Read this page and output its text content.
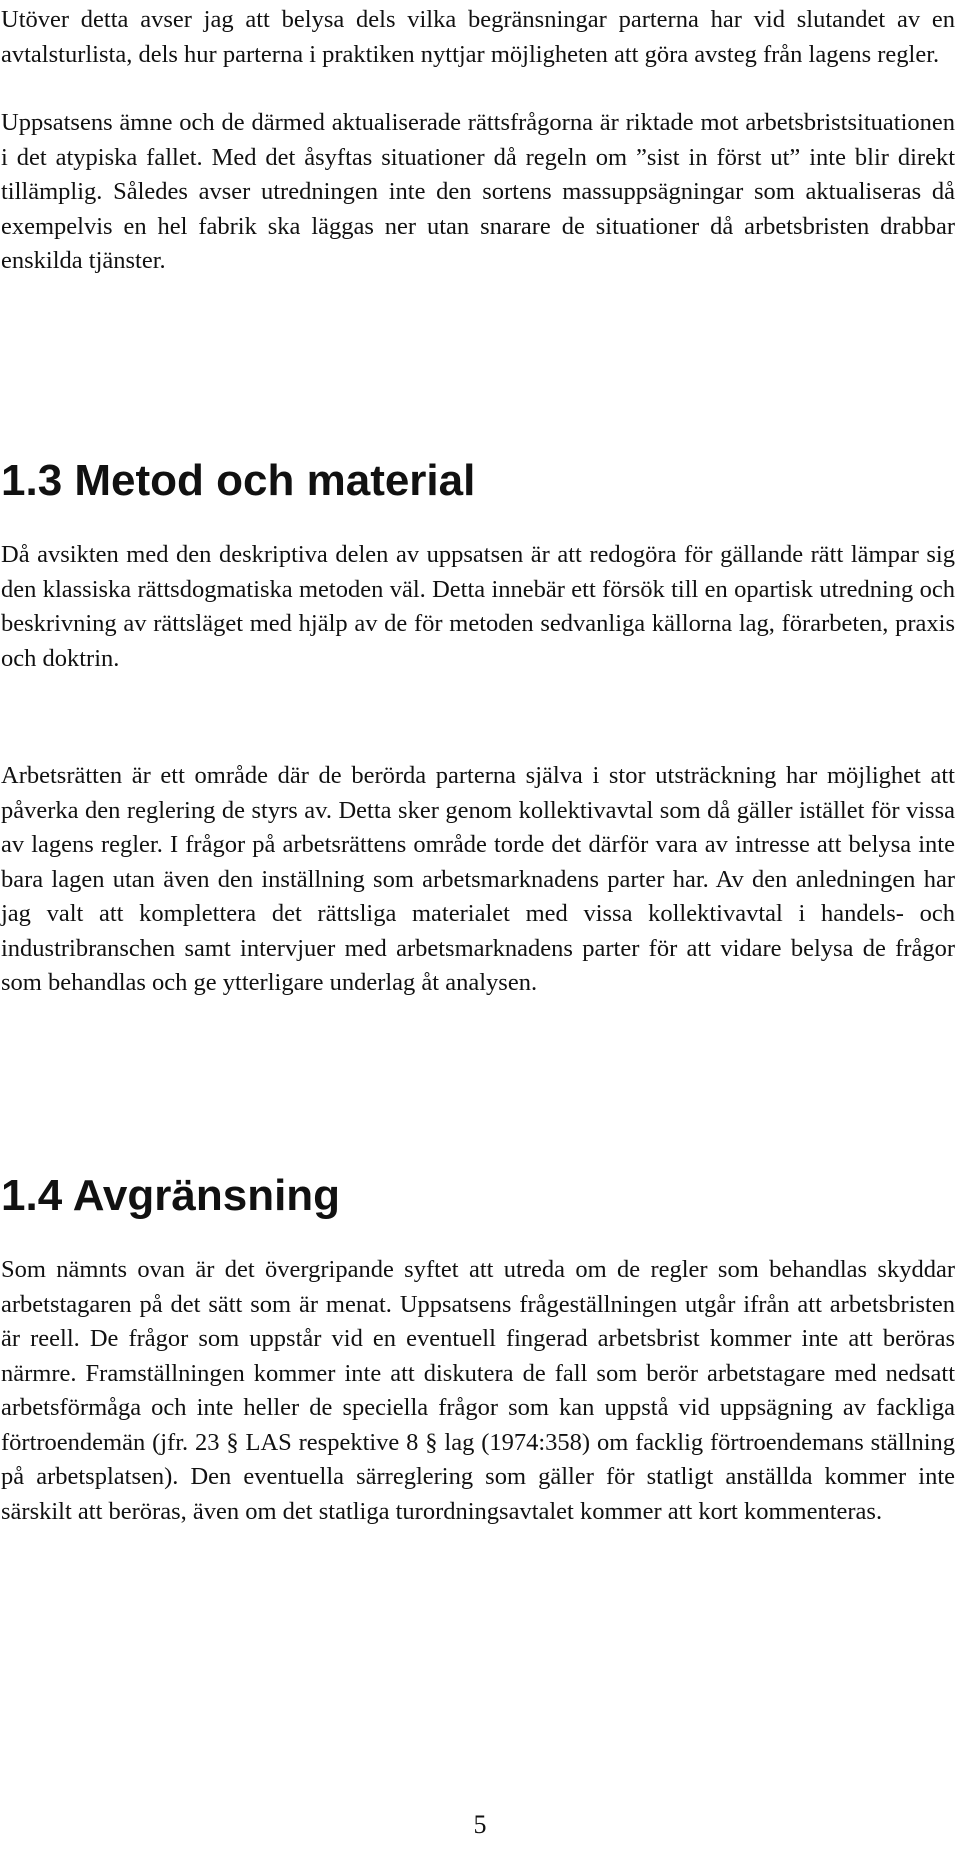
Utöver detta avser jag att belysa dels vilka begränsningar parterna har vid slutandet av en avtalsturlista, dels hur parterna i praktiken nyttjar möjligheten att göra avsteg från lagens regler.

Uppsatsens ämne och de därmed aktualiserade rättsfrågorna är riktade mot arbetsbristsituationen i det atypiska fallet. Med det åsyftas situationer då regeln om ”sist in först ut” inte blir direkt tillämplig. Således avser utredningen inte den sortens massuppsägningar som aktualiseras då exempelvis en hel fabrik ska läggas ner utan snarare de situationer då arbetsbristen drabbar enskilda tjänster.

1.3 Metod och material

Då avsikten med den deskriptiva delen av uppsatsen är att redogöra för gällande rätt lämpar sig den klassiska rättsdogmatiska metoden väl. Detta innebär ett försök till en opartisk utredning och beskrivning av rättsläget med hjälp av de för metoden sedvanliga källorna lag, förarbeten, praxis och doktrin.

Arbetsrätten är ett område där de berörda parterna själva i stor utsträckning har möjlighet att påverka den reglering de styrs av. Detta sker genom kollektivavtal som då gäller istället för vissa av lagens regler. I frågor på arbetsrättens område torde det därför vara av intresse att belysa inte bara lagen utan även den inställning som arbetsmarknadens parter har. Av den anledningen har jag valt att komplettera det rättsliga materialet med vissa kollektivavtal i handels- och industribranschen samt intervjuer med arbetsmarknadens parter för att vidare belysa de frågor som behandlas och ge ytterligare underlag åt analysen.

1.4 Avgränsning

Som nämnts ovan är det övergripande syftet att utreda om de regler som behandlas skyddar arbetstagaren på det sätt som är menat. Uppsatsens frågeställningen utgår ifrån att arbetsbristen är reell. De frågor som uppstår vid en eventuell fingerad arbetsbrist kommer inte att beröras närmre. Framställningen kommer inte att diskutera de fall som berör arbetstagare med nedsatt arbetsförmåga och inte heller de speciella frågor som kan uppstå vid uppsägning av fackliga förtroendemän (jfr. 23 § LAS respektive 8 § lag (1974:358) om facklig förtroendemans ställning på arbetsplatsen). Den eventuella särreglering som gäller för statligt anställda kommer inte särskilt att beröras, även om det statliga turordningsavtalet kommer att kort kommenteras.

5
